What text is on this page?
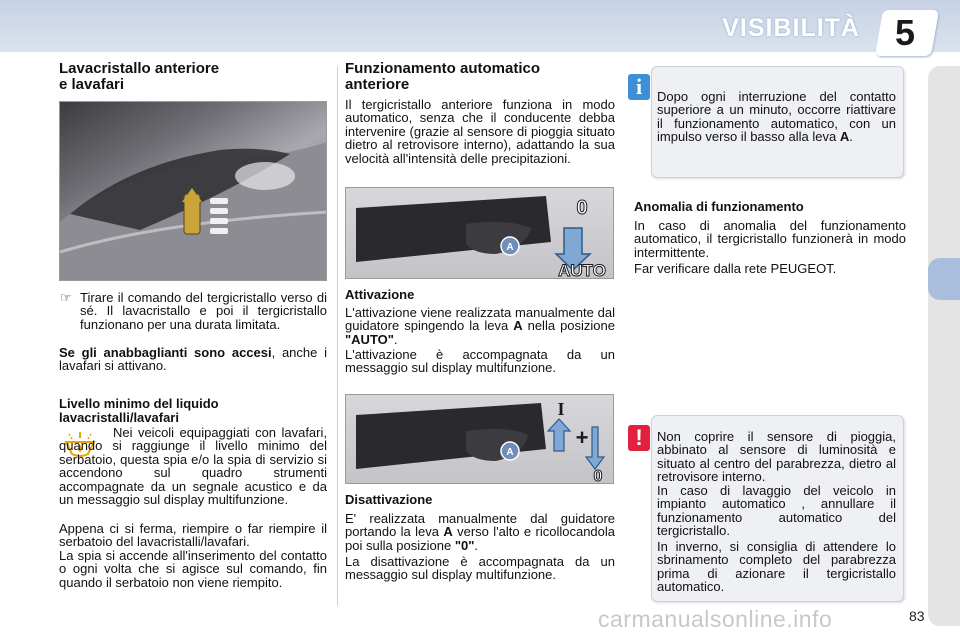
VISIBILITÀ 5
Lavacristallo anteriore
e lavafari
☞ Tirare il comando del tergicristallo verso di sé. Il lavacristallo e poi il tergicristallo funzionano per una durata limitata.
Se gli anabbaglianti sono accesi, anche i lavafari si attivano.
Livello minimo del liquido
lavacristalli/lavafari
Nei veicoli equipaggiati con lavafari, quando si raggiunge il livello minimo del serbatoio, questa spia e/o la spia di servizio si accendono sul quadro strumenti accompagnate da un segnale acustico e da un messaggio sul display multifunzione.
Appena ci si ferma, riempire o far riempire il serbatoio del lavacristalli/lavafari.
La spia si accende all'inserimento del contatto o ogni volta che si agisce sul comando, fin quando il serbatoio non viene riempito.
Funzionamento automatico
anteriore
Il tergicristallo anteriore funziona in modo automatico, senza che il conducente debba intervenire (grazie al sensore di pioggia situato dietro al retrovisore interno), adattando la sua velocità all'intensità delle precipitazioni.
A
0
AUTO
Attivazione
L'attivazione viene realizzata manualmente dal guidatore spingendo la leva A nella posizione "AUTO".
L'attivazione è accompagnata da un messaggio sul display multifunzione.
A
+
I
0
Disattivazione
E' realizzata manualmente dal guidatore portando la leva A verso l'alto e ricollocandola poi sulla posizione "0".
La disattivazione è accompagnata da un messaggio sul display multifunzione.
i	Dopo ogni interruzione del contatto superiore a un minuto, occorre riattivare il funzionamento automatico, con un impulso verso il basso alla leva A.
Anomalia di funzionamento
In caso di anomalia del funzionamento automatico, il tergicristallo funzionerà in modo intermittente.
Far verificare dalla rete PEUGEOT.
!	Non coprire il sensore di pioggia, abbinato al sensore di luminosità e situato al centro del parabrezza, dietro al retrovisore interno.
In caso di lavaggio del veicolo in impianto automatico , annullare il funzionamento automatico del tergicristallo.
In inverno, si consiglia di attendere lo sbrinamento completo del parabrezza prima di azionare il tergicristallo automatico.
carmanualsonline.info	83
